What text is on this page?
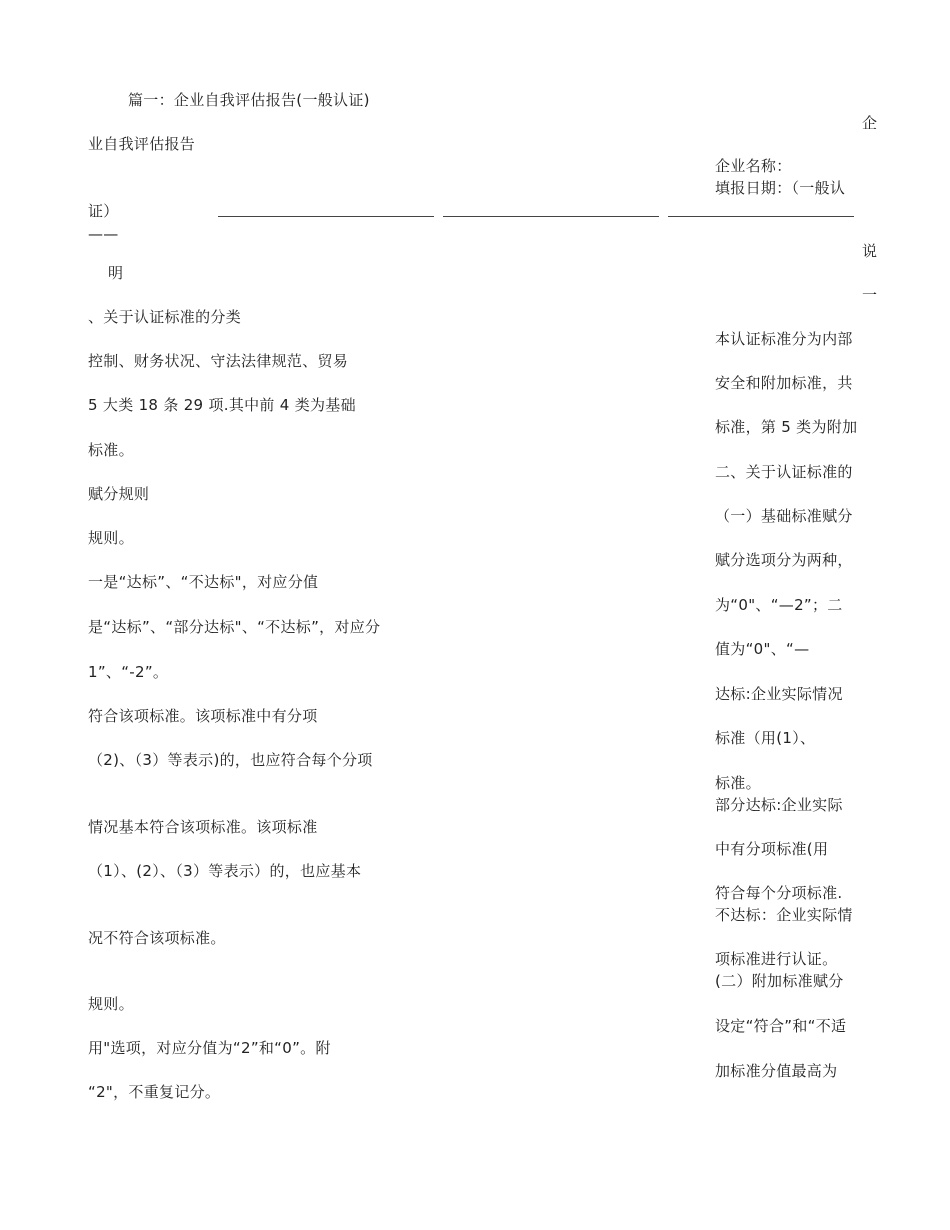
篇一：企业自我评估报告(一般认证)
业自我评估报告
证）
——
明
、关于认证标准的分类
控制、财务状况、守法法律规范、贸易
5 大类 18 条 29 项.其中前 4 类为基础
标准。
赋分规则
规则。
一是“达标”、“不达标"，对应分值
是“达标”、“部分达标"、“不达标”，对应分
1”、“-2”。
符合该项标准。该项标准中有分项
（2)、（3）等表示)的，也应符合每个分项
情况基本符合该项标准。该项标准
（1）、(2）、（3）等表示）的，也应基本
况不符合该项标准。
规则。
用"选项，对应分值为“2”和“0”。附
“2"，不重复记分。
企
企业名称：
填报日期：（一般认
说
一
本认证标准分为内部
安全和附加标准，共
标准，第 5 类为附加
二、关于认证标准的
（一）基础标准赋分
赋分选项分为两种，
为“0"、“—2”；二
值为“0"、“—
达标:企业实际情况
标准（用(1）、
标准。
部分达标:企业实际
中有分项标准(用
符合每个分项标准.
不达标：企业实际情
项标准进行认证。
(二）附加标准赋分
设定“符合”和“不适
加标准分值最高为
